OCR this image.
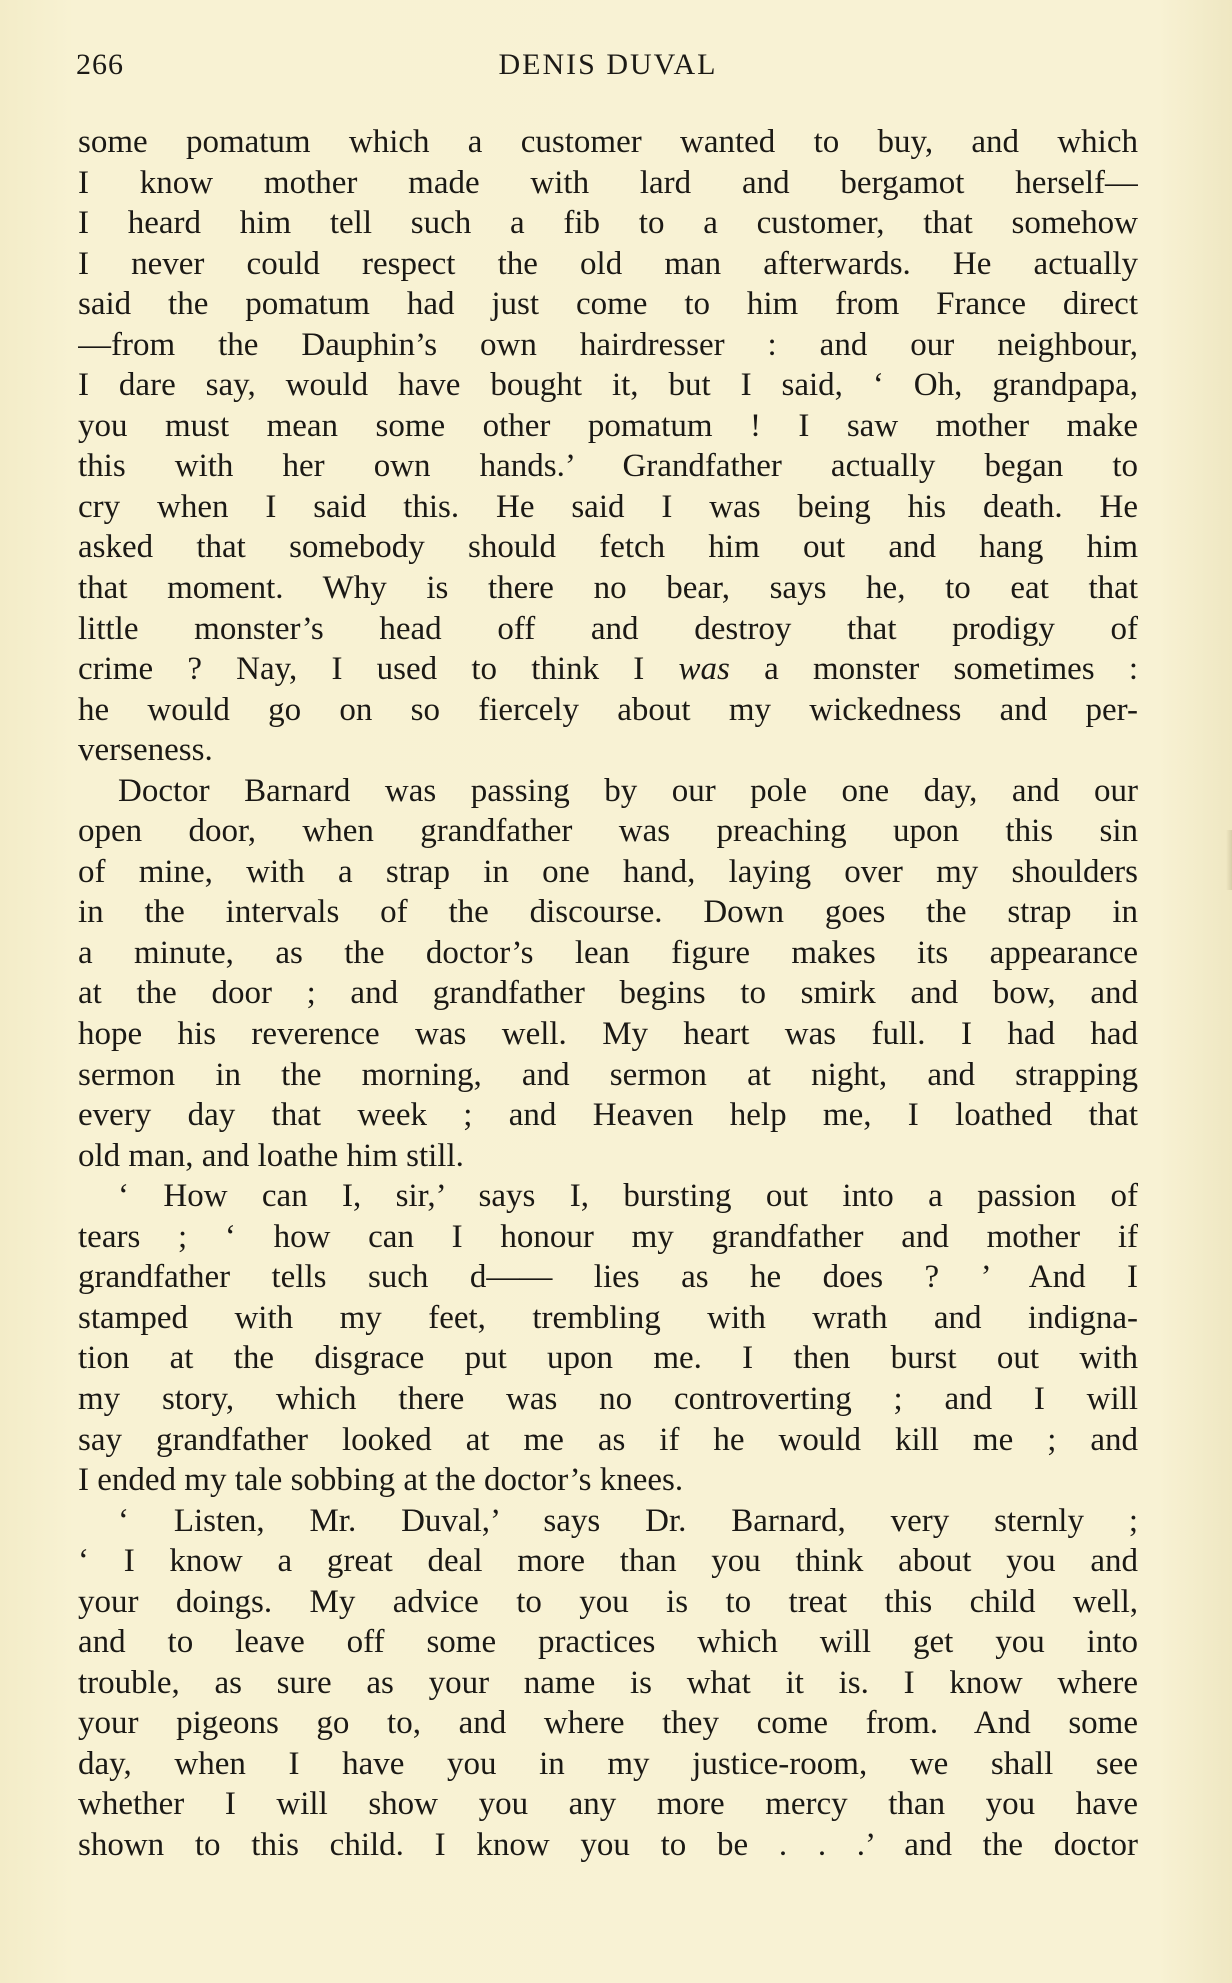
266	DENIS DUVAL
some pomatum which a customer wanted to buy, and which
I know mother made with lard and bergamot herself—
I heard him tell such a fib to a customer, that somehow
I never could respect the old man afterwards. He actually
said the pomatum had just come to him from France direct
—from the Dauphin’s own hairdresser : and our neighbour,
I dare say, would have bought it, but I said, ‘ Oh, grandpapa,
you must mean some other pomatum ! I saw mother make
this with her own hands.’ Grandfather actually began to
cry when I said this. He said I was being his death. He
asked that somebody should fetch him out and hang him
that moment. Why is there no bear, says he, to eat that
little monster’s head off and destroy that prodigy of
crime ? Nay, I used to think I was a monster sometimes :
he would go on so fiercely about my wickedness and per-
verseness.
Doctor Barnard was passing by our pole one day, and our
open door, when grandfather was preaching upon this sin
of mine, with a strap in one hand, laying over my shoulders
in the intervals of the discourse. Down goes the strap in
a minute, as the doctor’s lean figure makes its appearance
at the door ; and grandfather begins to smirk and bow, and
hope his reverence was well. My heart was full. I had had
sermon in the morning, and sermon at night, and strapping
every day that week ; and Heaven help me, I loathed that
old man, and loathe him still.
‘ How can I, sir,’ says I, bursting out into a passion of
tears ; ‘ how can I honour my grandfather and mother if
grandfather tells such d—— lies as he does ? ’ And I
stamped with my feet, trembling with wrath and indigna-
tion at the disgrace put upon me. I then burst out with
my story, which there was no controverting ; and I will
say grandfather looked at me as if he would kill me ; and
I ended my tale sobbing at the doctor’s knees.
‘ Listen, Mr. Duval,’ says Dr. Barnard, very sternly ;
‘ I know a great deal more than you think about you and
your doings. My advice to you is to treat this child well,
and to leave off some practices which will get you into
trouble, as sure as your name is what it is. I know where
your pigeons go to, and where they come from. And some
day, when I have you in my justice-room, we shall see
whether I will show you any more mercy than you have
shown to this child. I know you to be . . .’ and the doctor
